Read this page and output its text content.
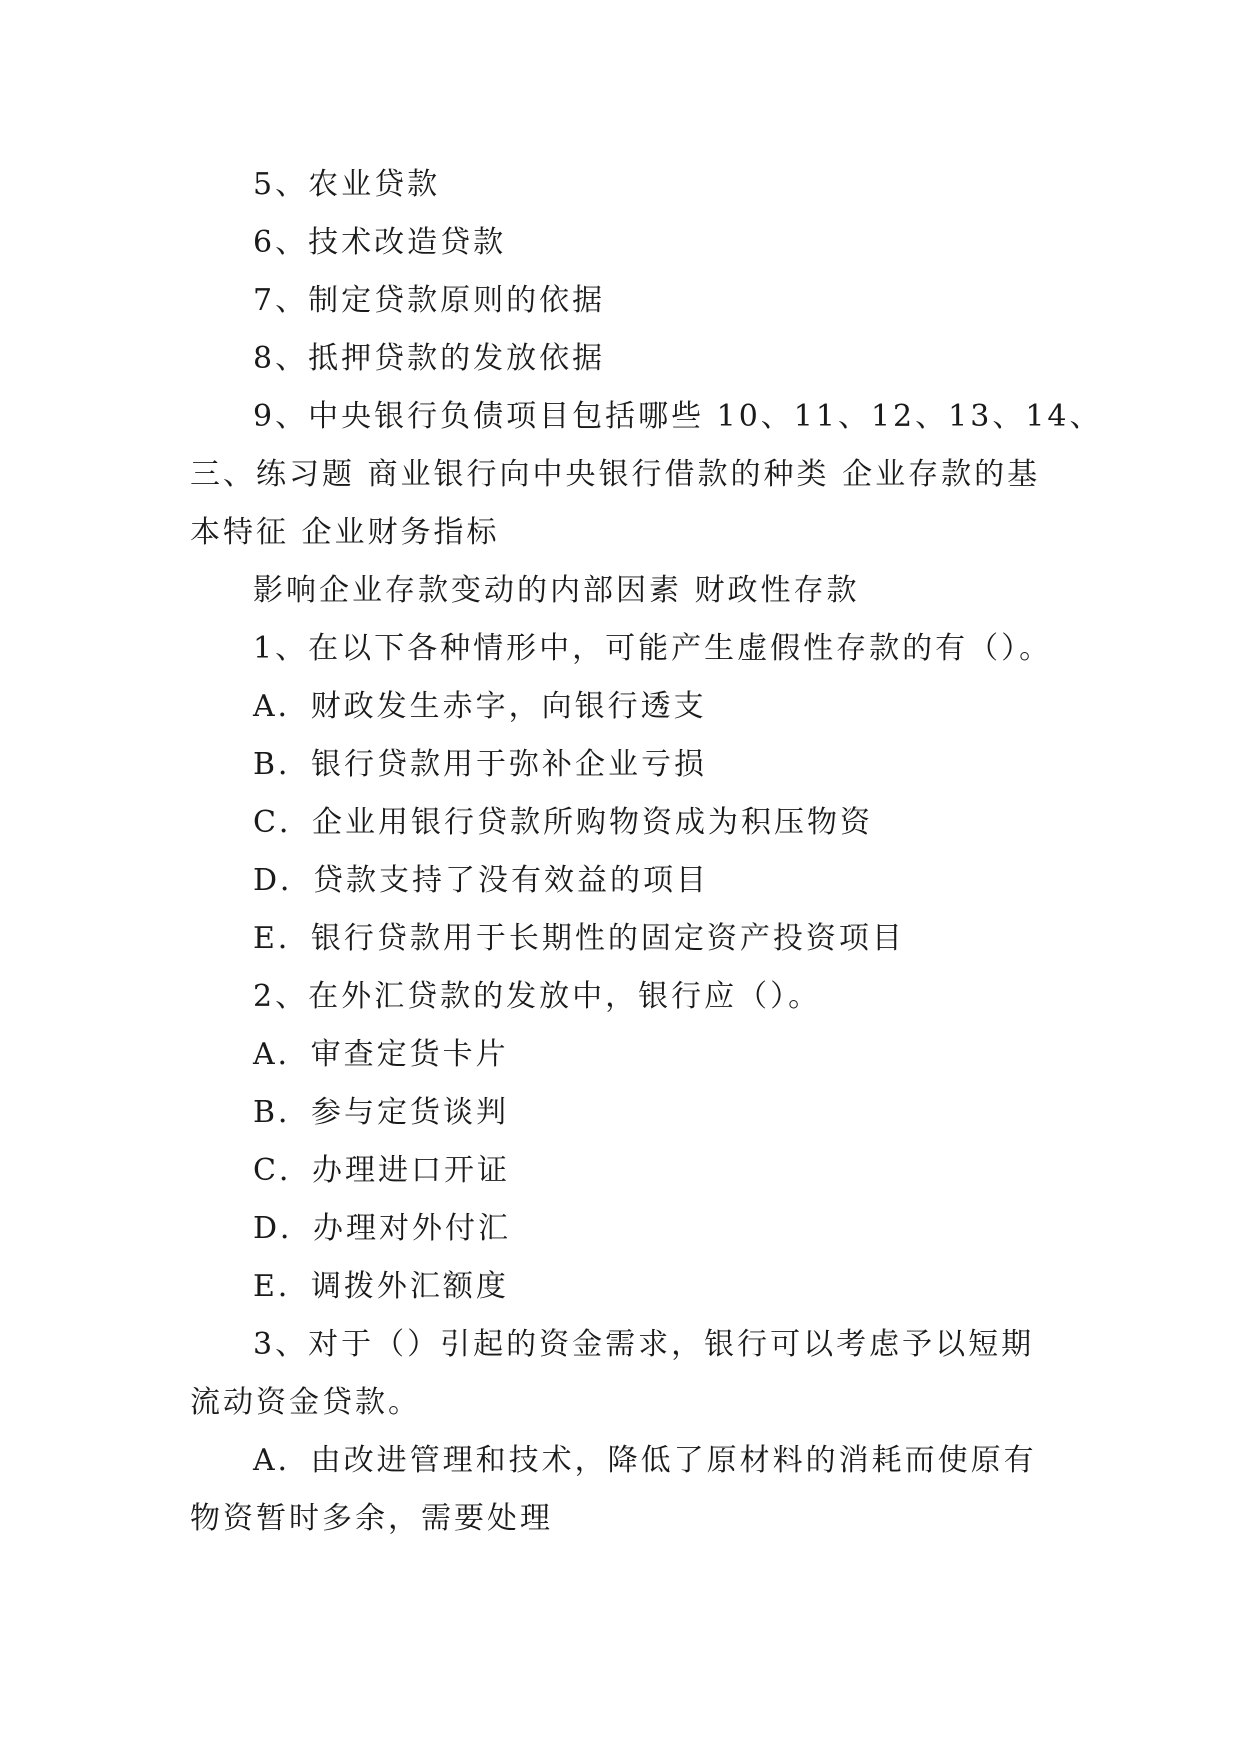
5、农业贷款
6、技术改造贷款
7、制定贷款原则的依据
8、抵押贷款的发放依据
9、中央银行负债项目包括哪些 10、11、12、13、14、
三、练习题 商业银行向中央银行借款的种类 企业存款的基
本特征 企业财务指标
影响企业存款变动的内部因素 财政性存款
1、在以下各种情形中，可能产生虚假性存款的有（）。
A．财政发生赤字，向银行透支
B．银行贷款用于弥补企业亏损
C．企业用银行贷款所购物资成为积压物资
D．贷款支持了没有效益的项目
E．银行贷款用于长期性的固定资产投资项目
2、在外汇贷款的发放中，银行应（）。
A．审查定货卡片
B．参与定货谈判
C．办理进口开证
D．办理对外付汇
E．调拨外汇额度
3、对于（）引起的资金需求，银行可以考虑予以短期
流动资金贷款。
A．由改进管理和技术，降低了原材料的消耗而使原有
物资暂时多余，需要处理
